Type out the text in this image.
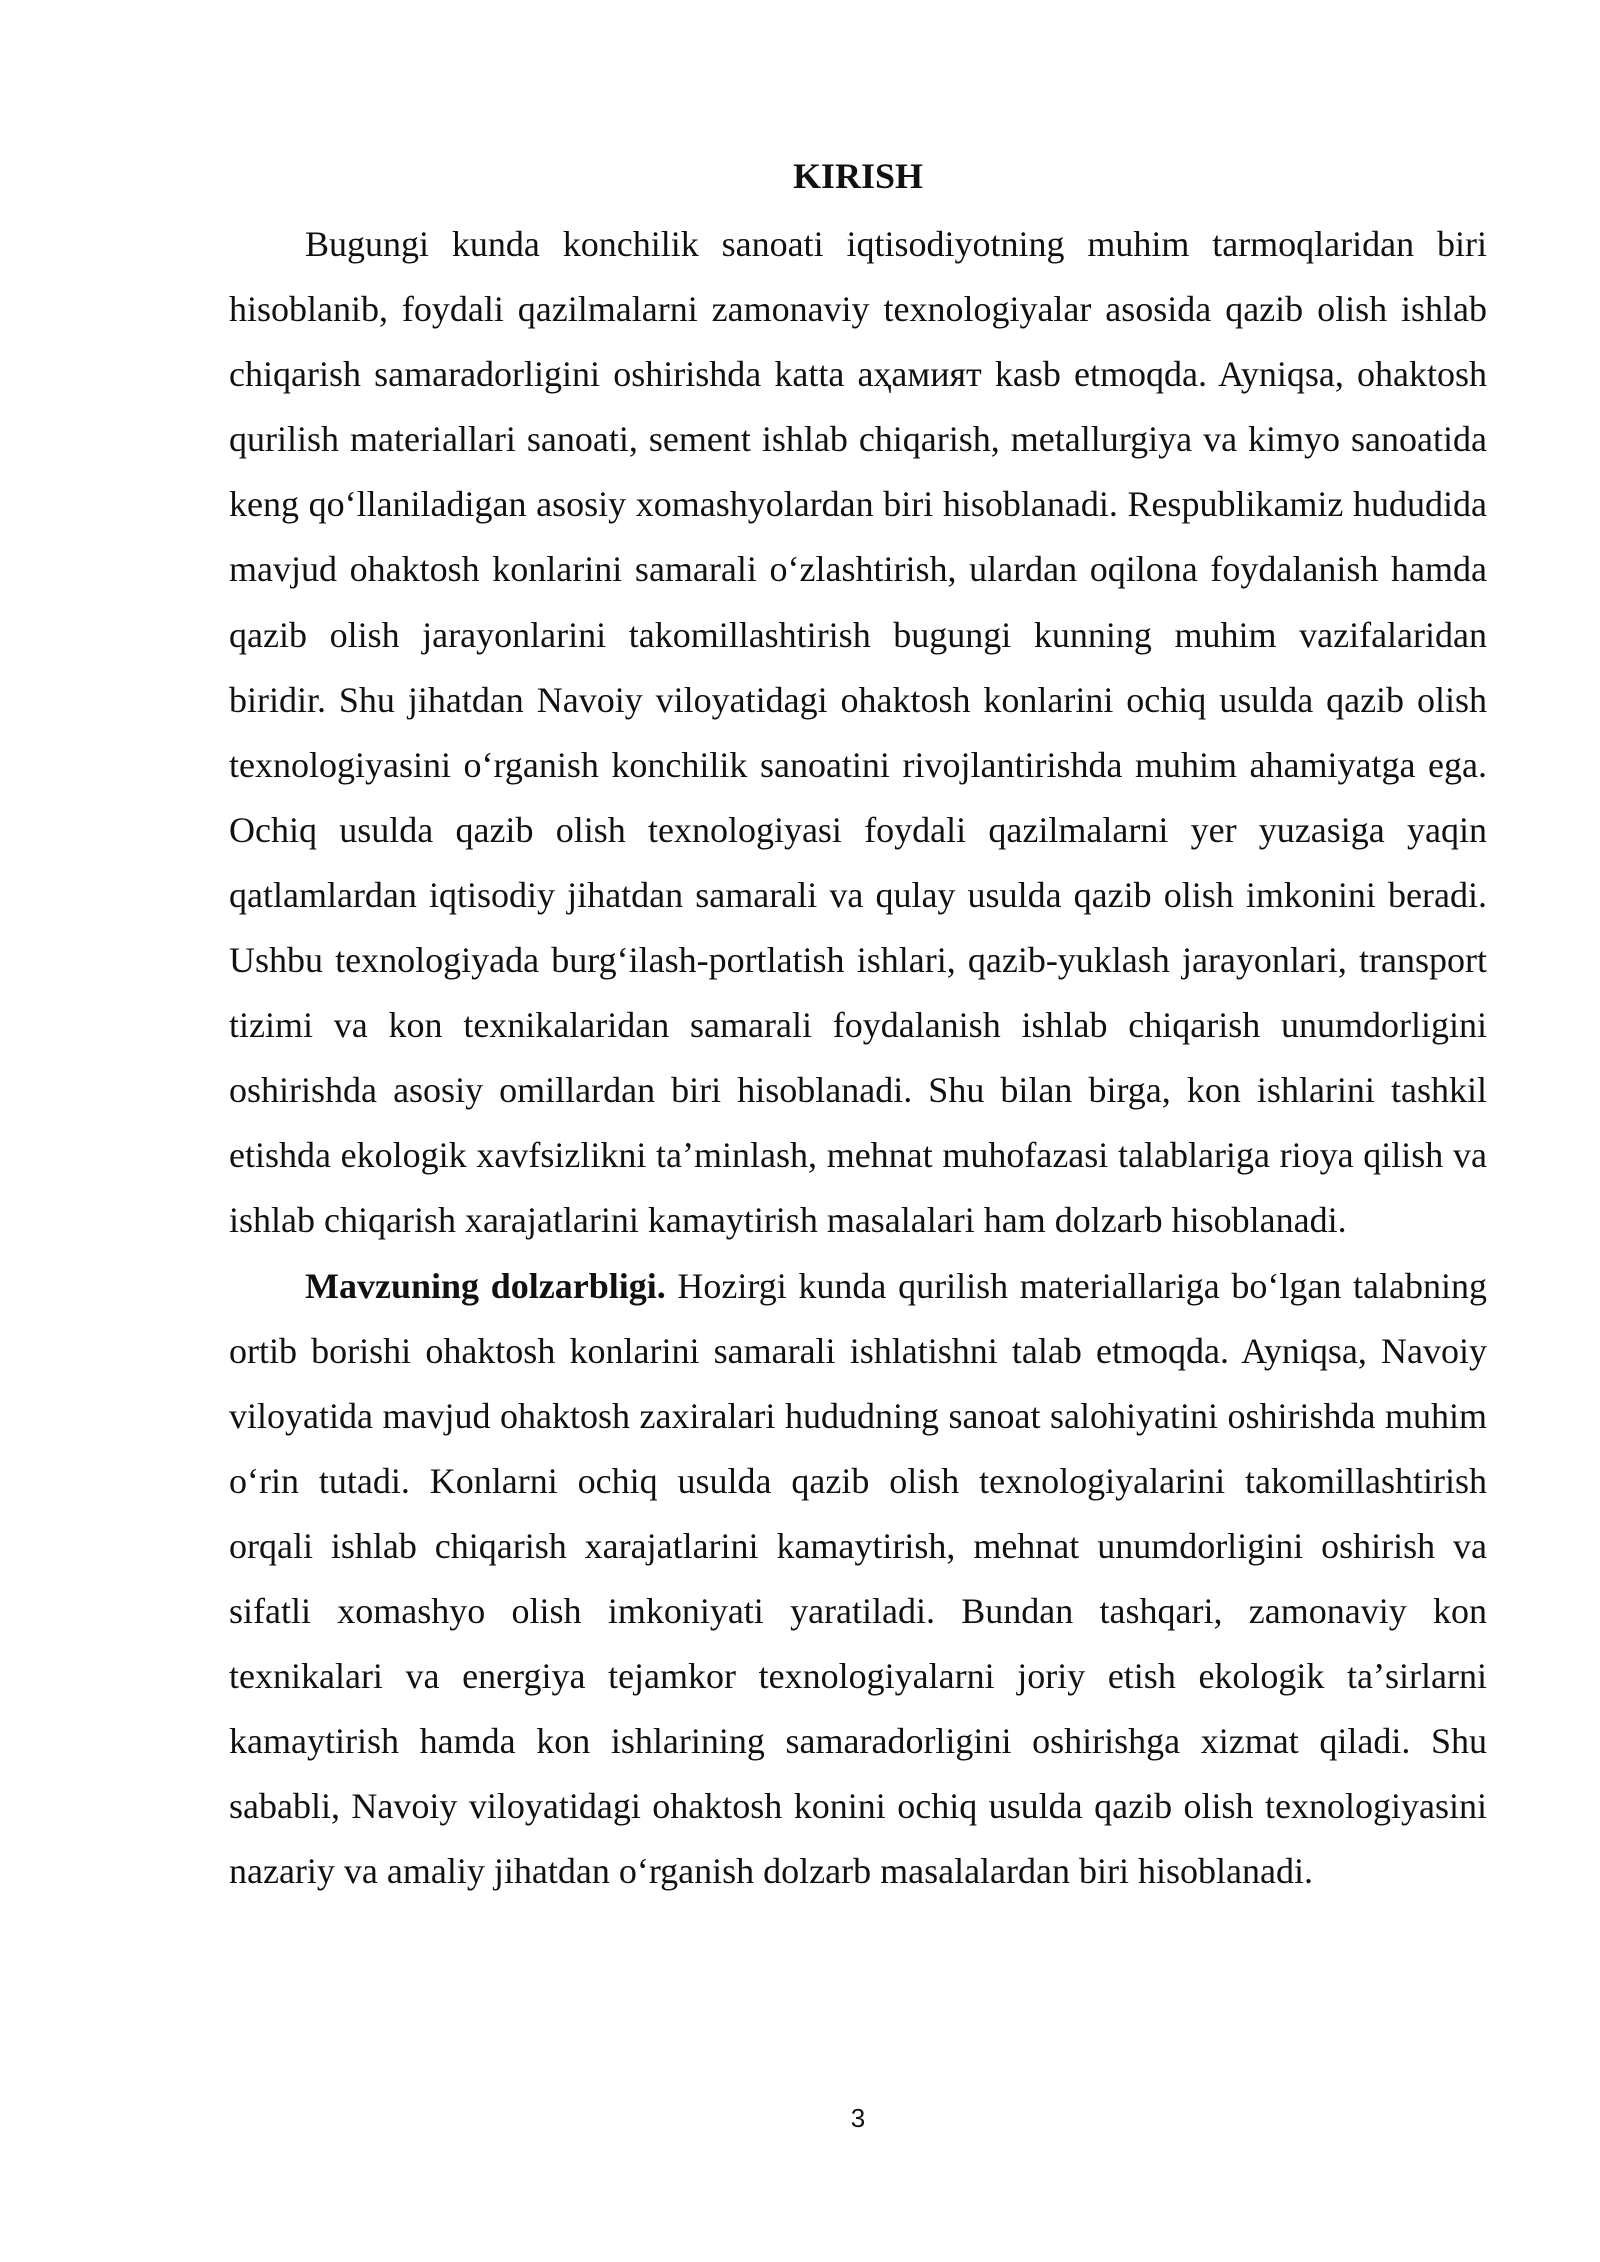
KIRISH

Bugungi kunda konchilik sanoati iqtisodiyotning muhim tarmoqlaridan biri hisoblanib, foydali qazilmalarni zamonaviy texnologiyalar asosida qazib olish ishlab chiqarish samaradorligini oshirishda katta aҳамият kasb etmoqda. Ayniqsa, ohaktosh qurilish materiallari sanoati, sement ishlab chiqarish, metallurgiya va kimyo sanoatida keng qoʻllaniladigan asosiy xomashyolardan biri hisoblanadi. Respublikamiz hududida mavjud ohaktosh konlarini samarali oʻzlashtirish, ulardan oqilona foydalanish hamda qazib olish jarayonlarini takomillashtirish bugungi kunning muhim vazifalaridan biridir. Shu jihatdan Navoiy viloyatidagi ohaktosh konlarini ochiq usulda qazib olish texnologiyasini oʻrganish konchilik sanoatini rivojlantirishda muhim ahamiyatga ega. Ochiq usulda qazib olish texnologiyasi foydali qazilmalarni yer yuzasiga yaqin qatlamlardan iqtisodiy jihatdan samarali va qulay usulda qazib olish imkonini beradi. Ushbu texnologiyada burgʻilash-portlatish ishlari, qazib-yuklash jarayonlari, transport tizimi va kon texnikalaridan samarali foydalanish ishlab chiqarish unumdorligini oshirishda asosiy omillardan biri hisoblanadi. Shu bilan birga, kon ishlarini tashkil etishda ekologik xavfsizlikni taʼminlash, mehnat muhofazasi talablariga rioya qilish va ishlab chiqarish xarajatlarini kamaytirish masalalari ham dolzarb hisoblanadi.

Mavzuning dolzarbligi. Hozirgi kunda qurilish materiallariga boʻlgan talabning ortib borishi ohaktosh konlarini samarali ishlatishni talab etmoqda. Ayniqsa, Navoiy viloyatida mavjud ohaktosh zaxiralari hududning sanoat salohiyatini oshirishda muhim oʻrin tutadi. Konlarni ochiq usulda qazib olish texnologiyalarini takomillashtirish orqali ishlab chiqarish xarajatlarini kamaytirish, mehnat unumdorligini oshirish va sifatli xomashyo olish imkoniyati yaratiladi. Bundan tashqari, zamonaviy kon texnikalari va energiya tejamkor texnologiyalarni joriy etish ekologik taʼsirlarni kamaytirish hamda kon ishlarining samaradorligini oshirishga xizmat qiladi. Shu sababli, Navoiy viloyatidagi ohaktosh konini ochiq usulda qazib olish texnologiyasini nazariy va amaliy jihatdan oʻrganish dolzarb masalalardan biri hisoblanadi.

3
